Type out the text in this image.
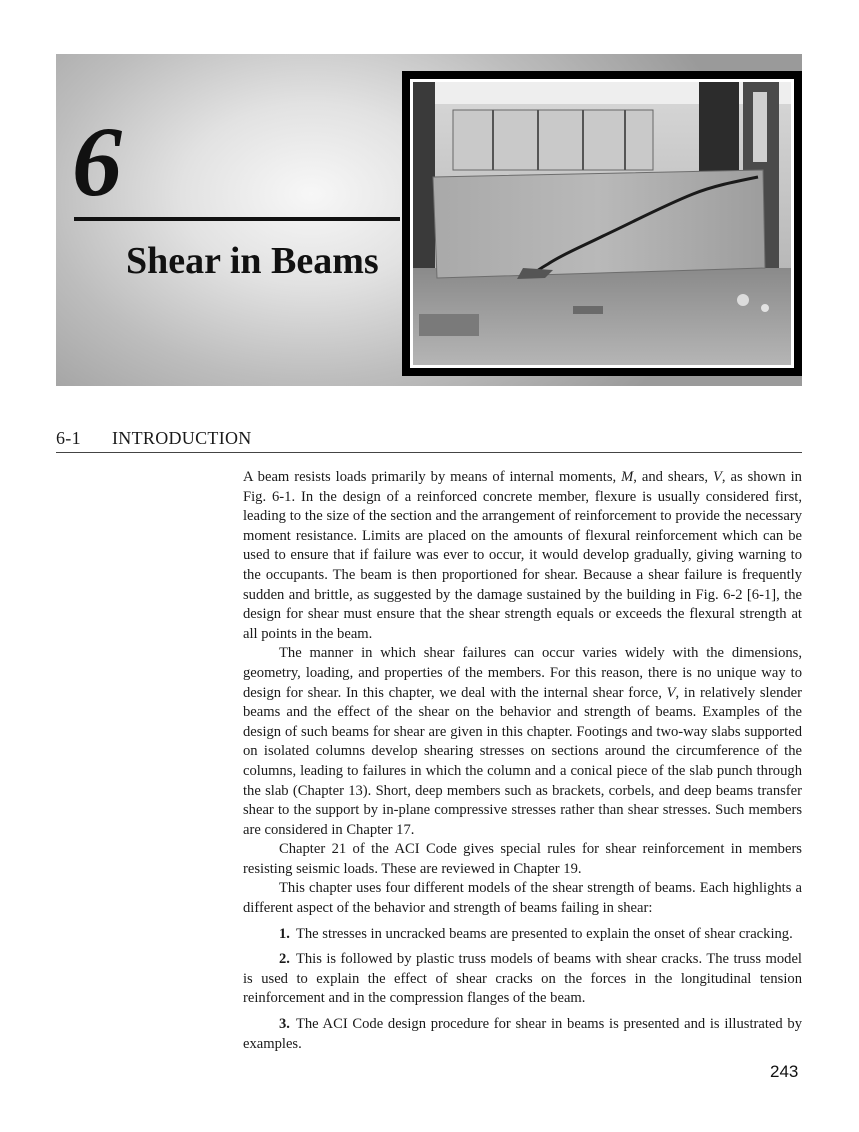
6
Shear in Beams
6-1 INTRODUCTION

A beam resists loads primarily by means of internal moments, M, and shears, V, as shown in Fig. 6-1. In the design of a reinforced concrete member, flexure is usually considered first, leading to the size of the section and the arrangement of reinforcement to provide the necessary moment resistance. Limits are placed on the amounts of flexural reinforcement which can be used to ensure that if failure was ever to occur, it would develop gradually, giving warning to the occupants. The beam is then proportioned for shear. Because a shear failure is frequently sudden and brittle, as suggested by the damage sustained by the building in Fig. 6-2 [6-1], the design for shear must ensure that the shear strength equals or exceeds the flexural strength at all points in the beam.

The manner in which shear failures can occur varies widely with the dimensions, geometry, loading, and properties of the members. For this reason, there is no unique way to design for shear. In this chapter, we deal with the internal shear force, V, in relatively slender beams and the effect of the shear on the behavior and strength of beams. Examples of the design of such beams for shear are given in this chapter. Footings and two-way slabs supported on isolated columns develop shearing stresses on sections around the circumference of the columns, leading to failures in which the column and a conical piece of the slab punch through the slab (Chapter 13). Short, deep members such as brackets, corbels, and deep beams transfer shear to the support by in-plane compressive stresses rather than shear stresses. Such members are considered in Chapter 17.

Chapter 21 of the ACI Code gives special rules for shear reinforcement in members resisting seismic loads. These are reviewed in Chapter 19.

This chapter uses four different models of the shear strength of beams. Each highlights a different aspect of the behavior and strength of beams failing in shear:

1. The stresses in uncracked beams are presented to explain the onset of shear cracking.

2. This is followed by plastic truss models of beams with shear cracks. The truss model is used to explain the effect of shear cracks on the forces in the longitudinal tension reinforcement and in the compression flanges of the beam.

3. The ACI Code design procedure for shear in beams is presented and is illustrated by examples.

243
